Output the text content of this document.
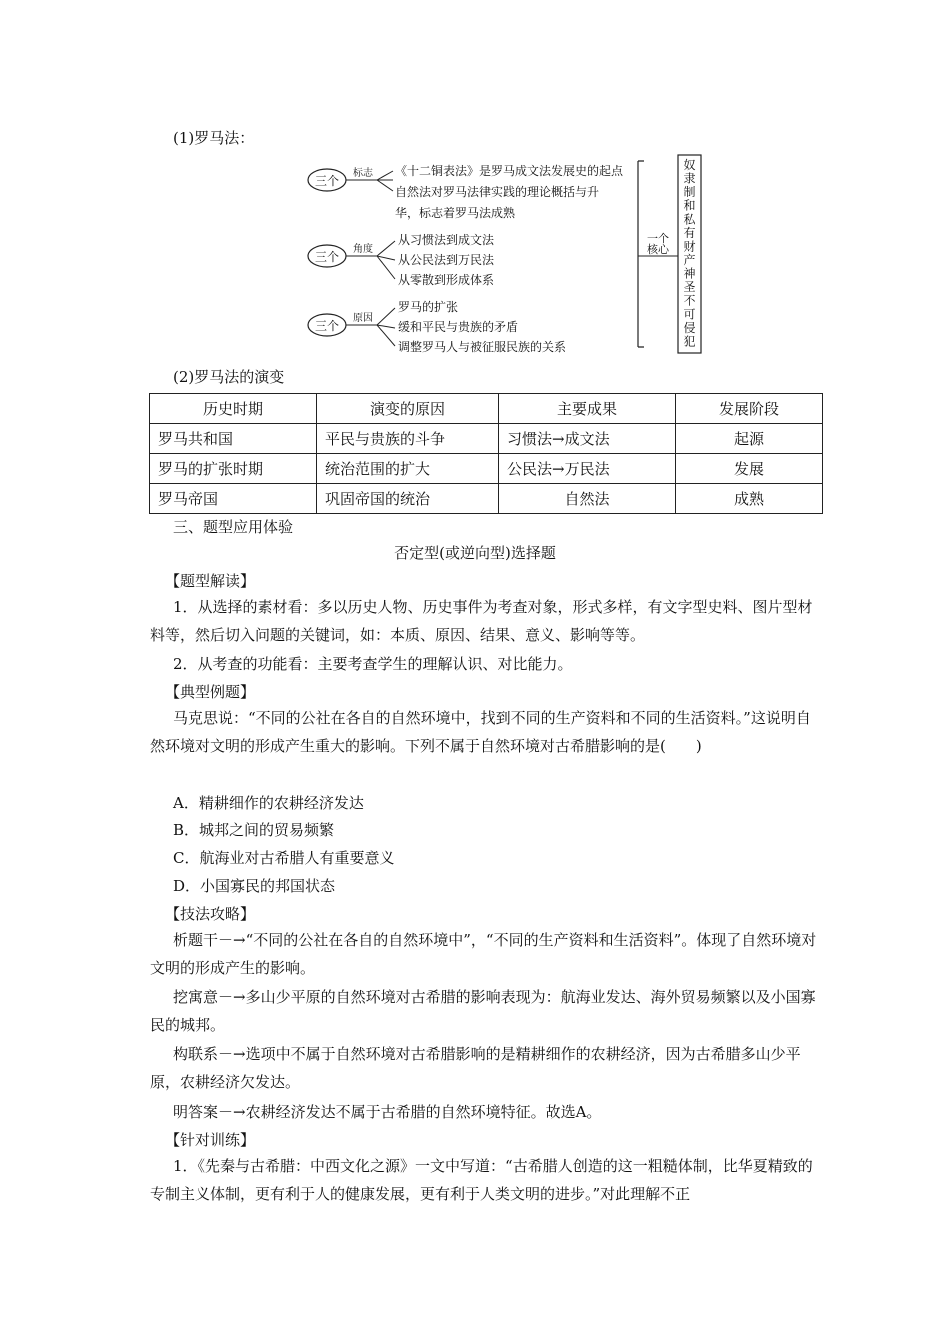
(1)罗马法：
三个
标志 《十二铜表法》是罗马成文法发展史的起点
自然法对罗马法律实践的理论概括与升
华，标志着罗马法成熟
三个
角度
从习惯法到成文法
从公民法到万民法
从零散到形成体系
三个
原因
罗马的扩张
缓和平民与贵族的矛盾
调整罗马人与被征服民族的关系
一个
核心
奴
隶
制
和
私
有
财
产
神
圣
不
可
侵
犯
(2)罗马法的演变
历史时期	演变的原因	主要成果	发展阶段
罗马共和国	平民与贵族的斗争	习惯法→成文法	起源
罗马的扩张时期	统治范围的扩大	公民法→万民法	发展
罗马帝国	巩固帝国的统治	自然法	成熟
三、题型应用体验
否定型(或逆向型)选择题
【题型解读】
1．从选择的素材看：多以历史人物、历史事件为考查对象，形式多样，有文字型史料、图片型材料等，然后切入问题的关键词，如：本质、原因、结果、意义、影响等等。
2．从考查的功能看：主要考查学生的理解认识、对比能力。
【典型例题】
马克思说：“不同的公社在各自的自然环境中，找到不同的生产资料和不同的生活资料。”这说明自然环境对文明的形成产生重大的影响。下列不属于自然环境对古希腊影响的是(　　)
A．精耕细作的农耕经济发达
B．城邦之间的贸易频繁
C．航海业对古希腊人有重要意义
D．小国寡民的邦国状态
【技法攻略】
析题干－→“不同的公社在各自的自然环境中”，“不同的生产资料和生活资料”。体现了自然环境对文明的形成产生的影响。
挖寓意－→多山少平原的自然环境对古希腊的影响表现为：航海业发达、海外贸易频繁以及小国寡民的城邦。
构联系－→选项中不属于自然环境对古希腊影响的是精耕细作的农耕经济，因为古希腊多山少平原，农耕经济欠发达。
明答案－→农耕经济发达不属于古希腊的自然环境特征。故选A。
【针对训练】
1．《先秦与古希腊：中西文化之源》一文中写道：“古希腊人创造的这一粗糙体制，比华夏精致的专制主义体制，更有利于人的健康发展，更有利于人类文明的进步。”对此理解不正
